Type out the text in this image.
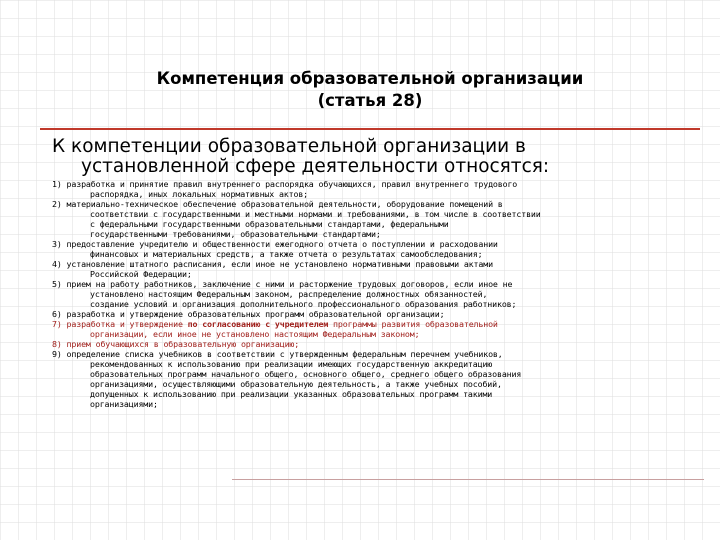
Компетенция образовательной организации
(статья 28)
К компетенции образовательной организации в
установленной сфере деятельности относятся:
1) разработка и принятие правил внутреннего распорядка обучающихся, правил внутреннего трудового
распорядка, иных локальных нормативных актов;
2) материально-техническое обеспечение образовательной деятельности, оборудование помещений в
соответствии с государственными и местными нормами и требованиями, в том числе в соответствии
с федеральными государственными образовательными стандартами, федеральными
государственными требованиями, образовательными стандартами;
3) предоставление учредителю и общественности ежегодного отчета о поступлении и расходовании
финансовых и материальных средств, а также отчета о результатах самообследования;
4) установление штатного расписания, если иное не установлено нормативными правовыми актами
Российской Федерации;
5) прием на работу работников, заключение с ними и расторжение трудовых договоров, если иное не
установлено настоящим Федеральным законом, распределение должностных обязанностей,
создание условий и организация дополнительного профессионального образования работников;
6) разработка и утверждение образовательных программ образовательной организации;
7) разработка и утверждение по согласованию с учредителем программы развития образовательной
организации, если иное не установлено настоящим Федеральным законом;
8) прием обучающихся в образовательную организацию;
9) определение списка учебников в соответствии с утвержденным федеральным перечнем учебников,
рекомендованных к использованию при реализации имеющих государственную аккредитацию
образовательных программ начального общего, основного общего, среднего общего образования
организациями, осуществляющими образовательную деятельность, а также учебных пособий,
допущенных к использованию при реализации указанных образовательных программ такими
организациями;
